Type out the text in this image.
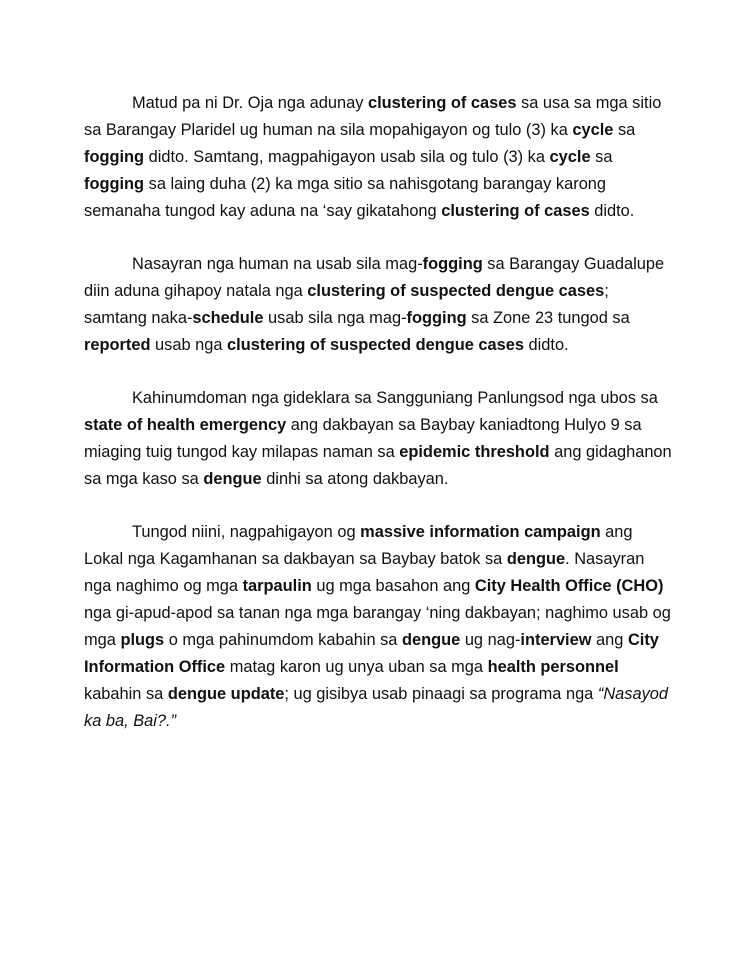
Matud pa ni Dr. Oja nga adunay clustering of cases sa usa sa mga sitio sa Barangay Plaridel ug human na sila mopahigayon og tulo (3) ka cycle sa fogging didto. Samtang, magpahigayon usab sila og tulo (3) ka cycle sa fogging sa laing duha (2) ka mga sitio sa nahisgotang barangay karong semanaha tungod kay aduna na ‘say gikatahong clustering of cases didto.

Nasayran nga human na usab sila mag-fogging sa Barangay Guadalupe diin aduna gihapoy natala nga clustering of suspected dengue cases; samtang naka-schedule usab sila nga mag-fogging sa Zone 23 tungod sa reported usab nga clustering of suspected dengue cases didto.

Kahinumdoman nga gideklara sa Sangguniang Panlungsod nga ubos sa state of health emergency ang dakbayan sa Baybay kaniadtong Hulyo 9 sa miaging tuig tungod kay milapas naman sa epidemic threshold ang gidaghanon sa mga kaso sa dengue dinhi sa atong dakbayan.

Tungod niini, nagpahigayon og massive information campaign ang Lokal nga Kagamhanan sa dakbayan sa Baybay batok sa dengue. Nasayran nga naghimo og mga tarpaulin ug mga basahon ang City Health Office (CHO) nga gi-apud-apod sa tanan nga mga barangay ‘ning dakbayan; naghimo usab og mga plugs o mga pahinumdom kabahin sa dengue ug nag-interview ang City Information Office matag karon ug unya uban sa mga health personnel kabahin sa dengue update; ug gisibya usab pinaagi sa programa nga “Nasayod ka ba, Bai?.”
